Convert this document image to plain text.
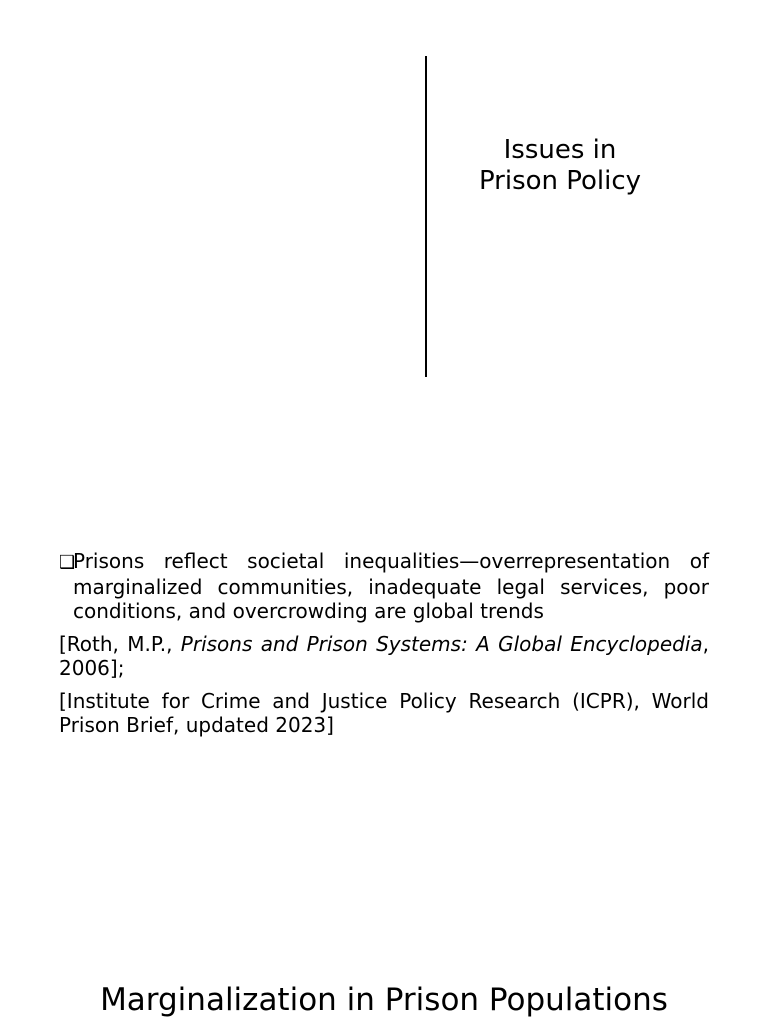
Issues in
Prison Policy

❑Prisons reflect societal inequalities—overrepresentation of marginalized communities, inadequate legal services, poor conditions, and overcrowding are global trends

[Roth, M.P., Prisons and Prison Systems: A Global Encyclopedia, 2006];

[Institute for Crime and Justice Policy Research (ICPR), World Prison Brief, updated 2023]

Marginalization in Prison Populations
